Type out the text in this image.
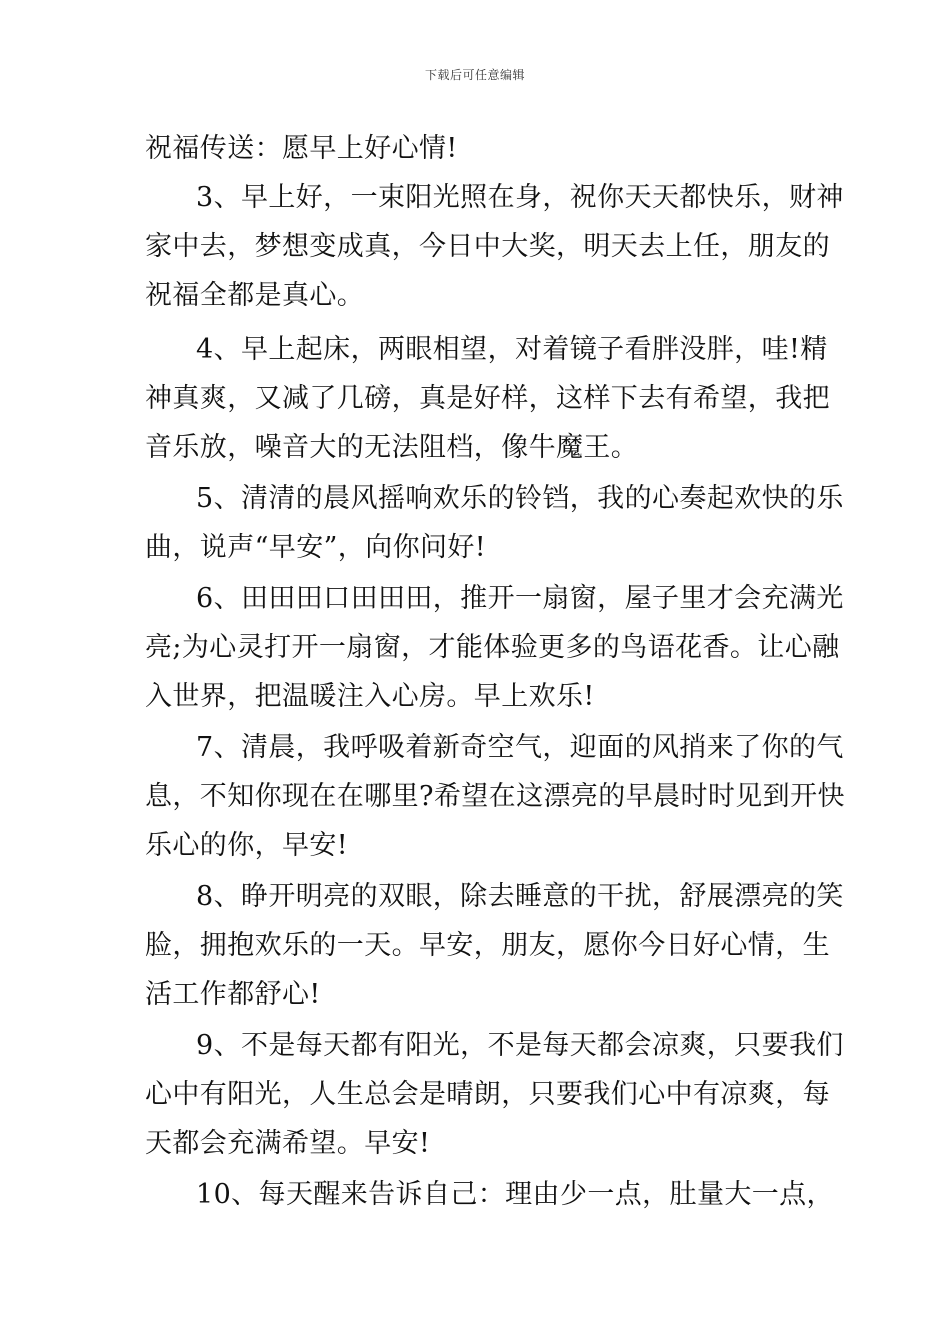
下载后可任意编辑
祝福传送：愿早上好心情!
3、早上好，一束阳光照在身，祝你天天都快乐，财神
家中去，梦想变成真，今日中大奖，明天去上任，朋友的
祝福全都是真心。
4、早上起床，两眼相望，对着镜子看胖没胖，哇!精
神真爽，又减了几磅，真是好样，这样下去有希望，我把
音乐放，噪音大的无法阻档，像牛魔王。
5、清清的晨风摇响欢乐的铃铛，我的心奏起欢快的乐
曲，说声“早安”，向你问好!
6、田田田口田田田，推开一扇窗，屋子里才会充满光
亮;为心灵打开一扇窗，才能体验更多的鸟语花香。让心融
入世界，把温暖注入心房。早上欢乐!
7、清晨，我呼吸着新奇空气，迎面的风捎来了你的气
息，不知你现在在哪里?希望在这漂亮的早晨时时见到开快
乐心的你，早安!
8、睁开明亮的双眼，除去睡意的干扰，舒展漂亮的笑
脸，拥抱欢乐的一天。早安，朋友，愿你今日好心情，生
活工作都舒心!
9、不是每天都有阳光，不是每天都会凉爽，只要我们
心中有阳光，人生总会是晴朗，只要我们心中有凉爽，每
天都会充满希望。早安!
10、每天醒来告诉自己：理由少一点，肚量大一点，
